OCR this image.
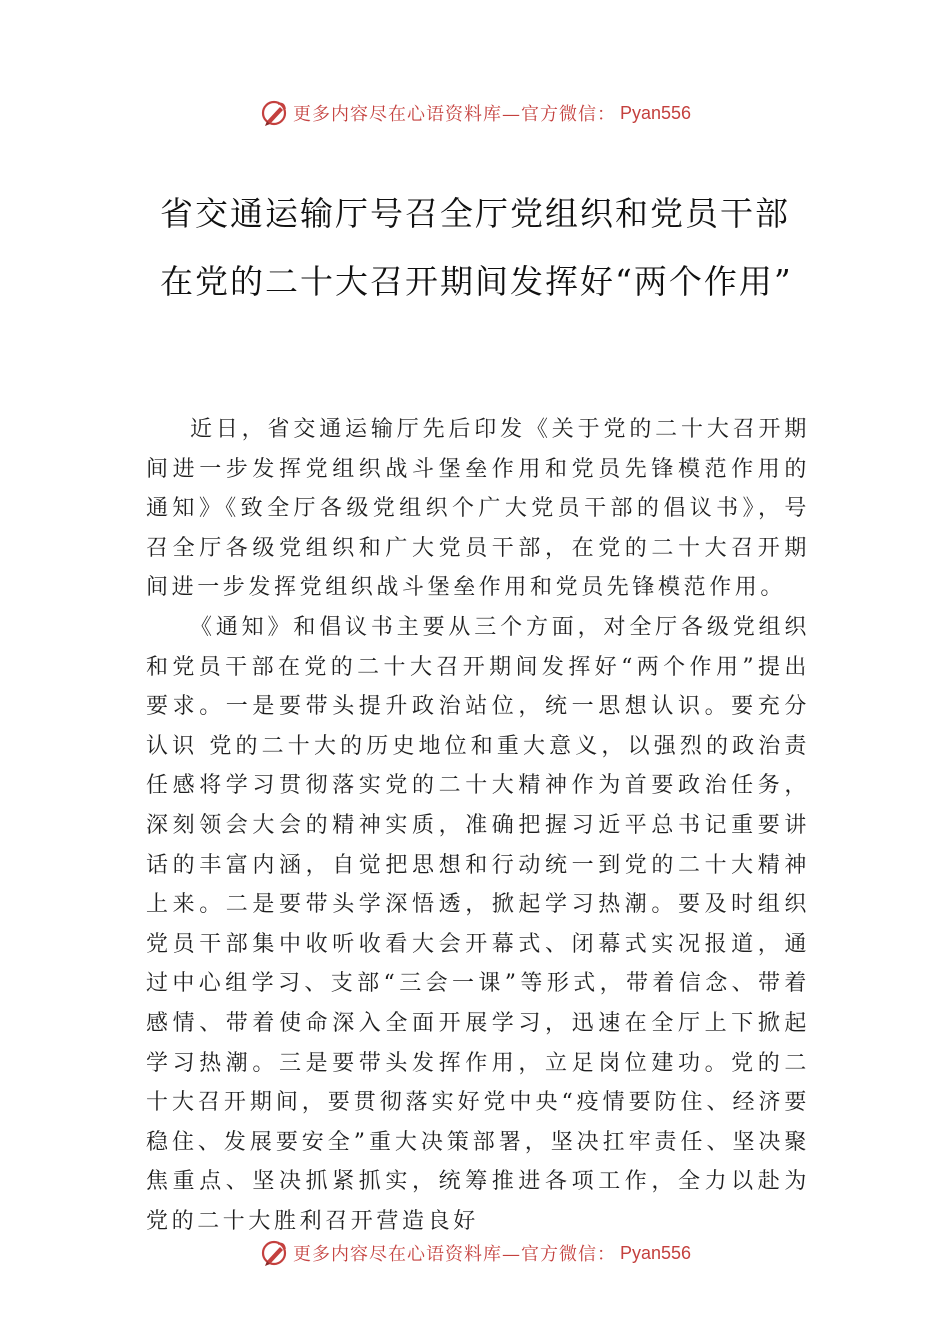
更多内容尽在心语资料库—官方微信： Pyan556
省交通运输厅号召全厅党组织和党员干部在党的二十大召开期间发挥好“两个作用”

近日，省交通运输厅先后印发《关于党的二十大召开期间进一步发挥党组织战斗堡垒作用和党员先锋模范作用的通知》《致全厅各级党组织个广大党员干部的倡议书》，号召全厅各级党组织和广大党员干部，在党的二十大召开期间进一步发挥党组织战斗堡垒作用和党员先锋模范作用。

《通知》和倡议书主要从三个方面，对全厅各级党组织和党员干部在党的二十大召开期间发挥好“两个作用”提出要求。一是要带头提升政治站位，统一思想认识。要充分认识 党的二十大的历史地位和重大意义，以强烈的政治责任感将学习贯彻落实党的二十大精神作为首要政治任务，深刻领会大会的精神实质，准确把握习近平总书记重要讲话的丰富内涵，自觉把思想和行动统一到党的二十大精神上来。二是要带头学深悟透，掀起学习热潮。要及时组织党员干部集中收听收看大会开幕式、闭幕式实况报道，通过中心组学习、支部“三会一课”等形式，带着信念、带着感情、带着使命深入全面开展学习，迅速在全厅上下掀起学习热潮。三是要带头发挥作用，立足岗位建功。党的二十大召开期间，要贯彻落实好党中央“疫情要防住、经济要稳住、发展要安全”重大决策部署，坚决扛牢责任、坚决聚焦重点、坚决抓紧抓实，统筹推进各项工作，全力以赴为党的二十大胜利召开营造良好

更多内容尽在心语资料库—官方微信： Pyan556
